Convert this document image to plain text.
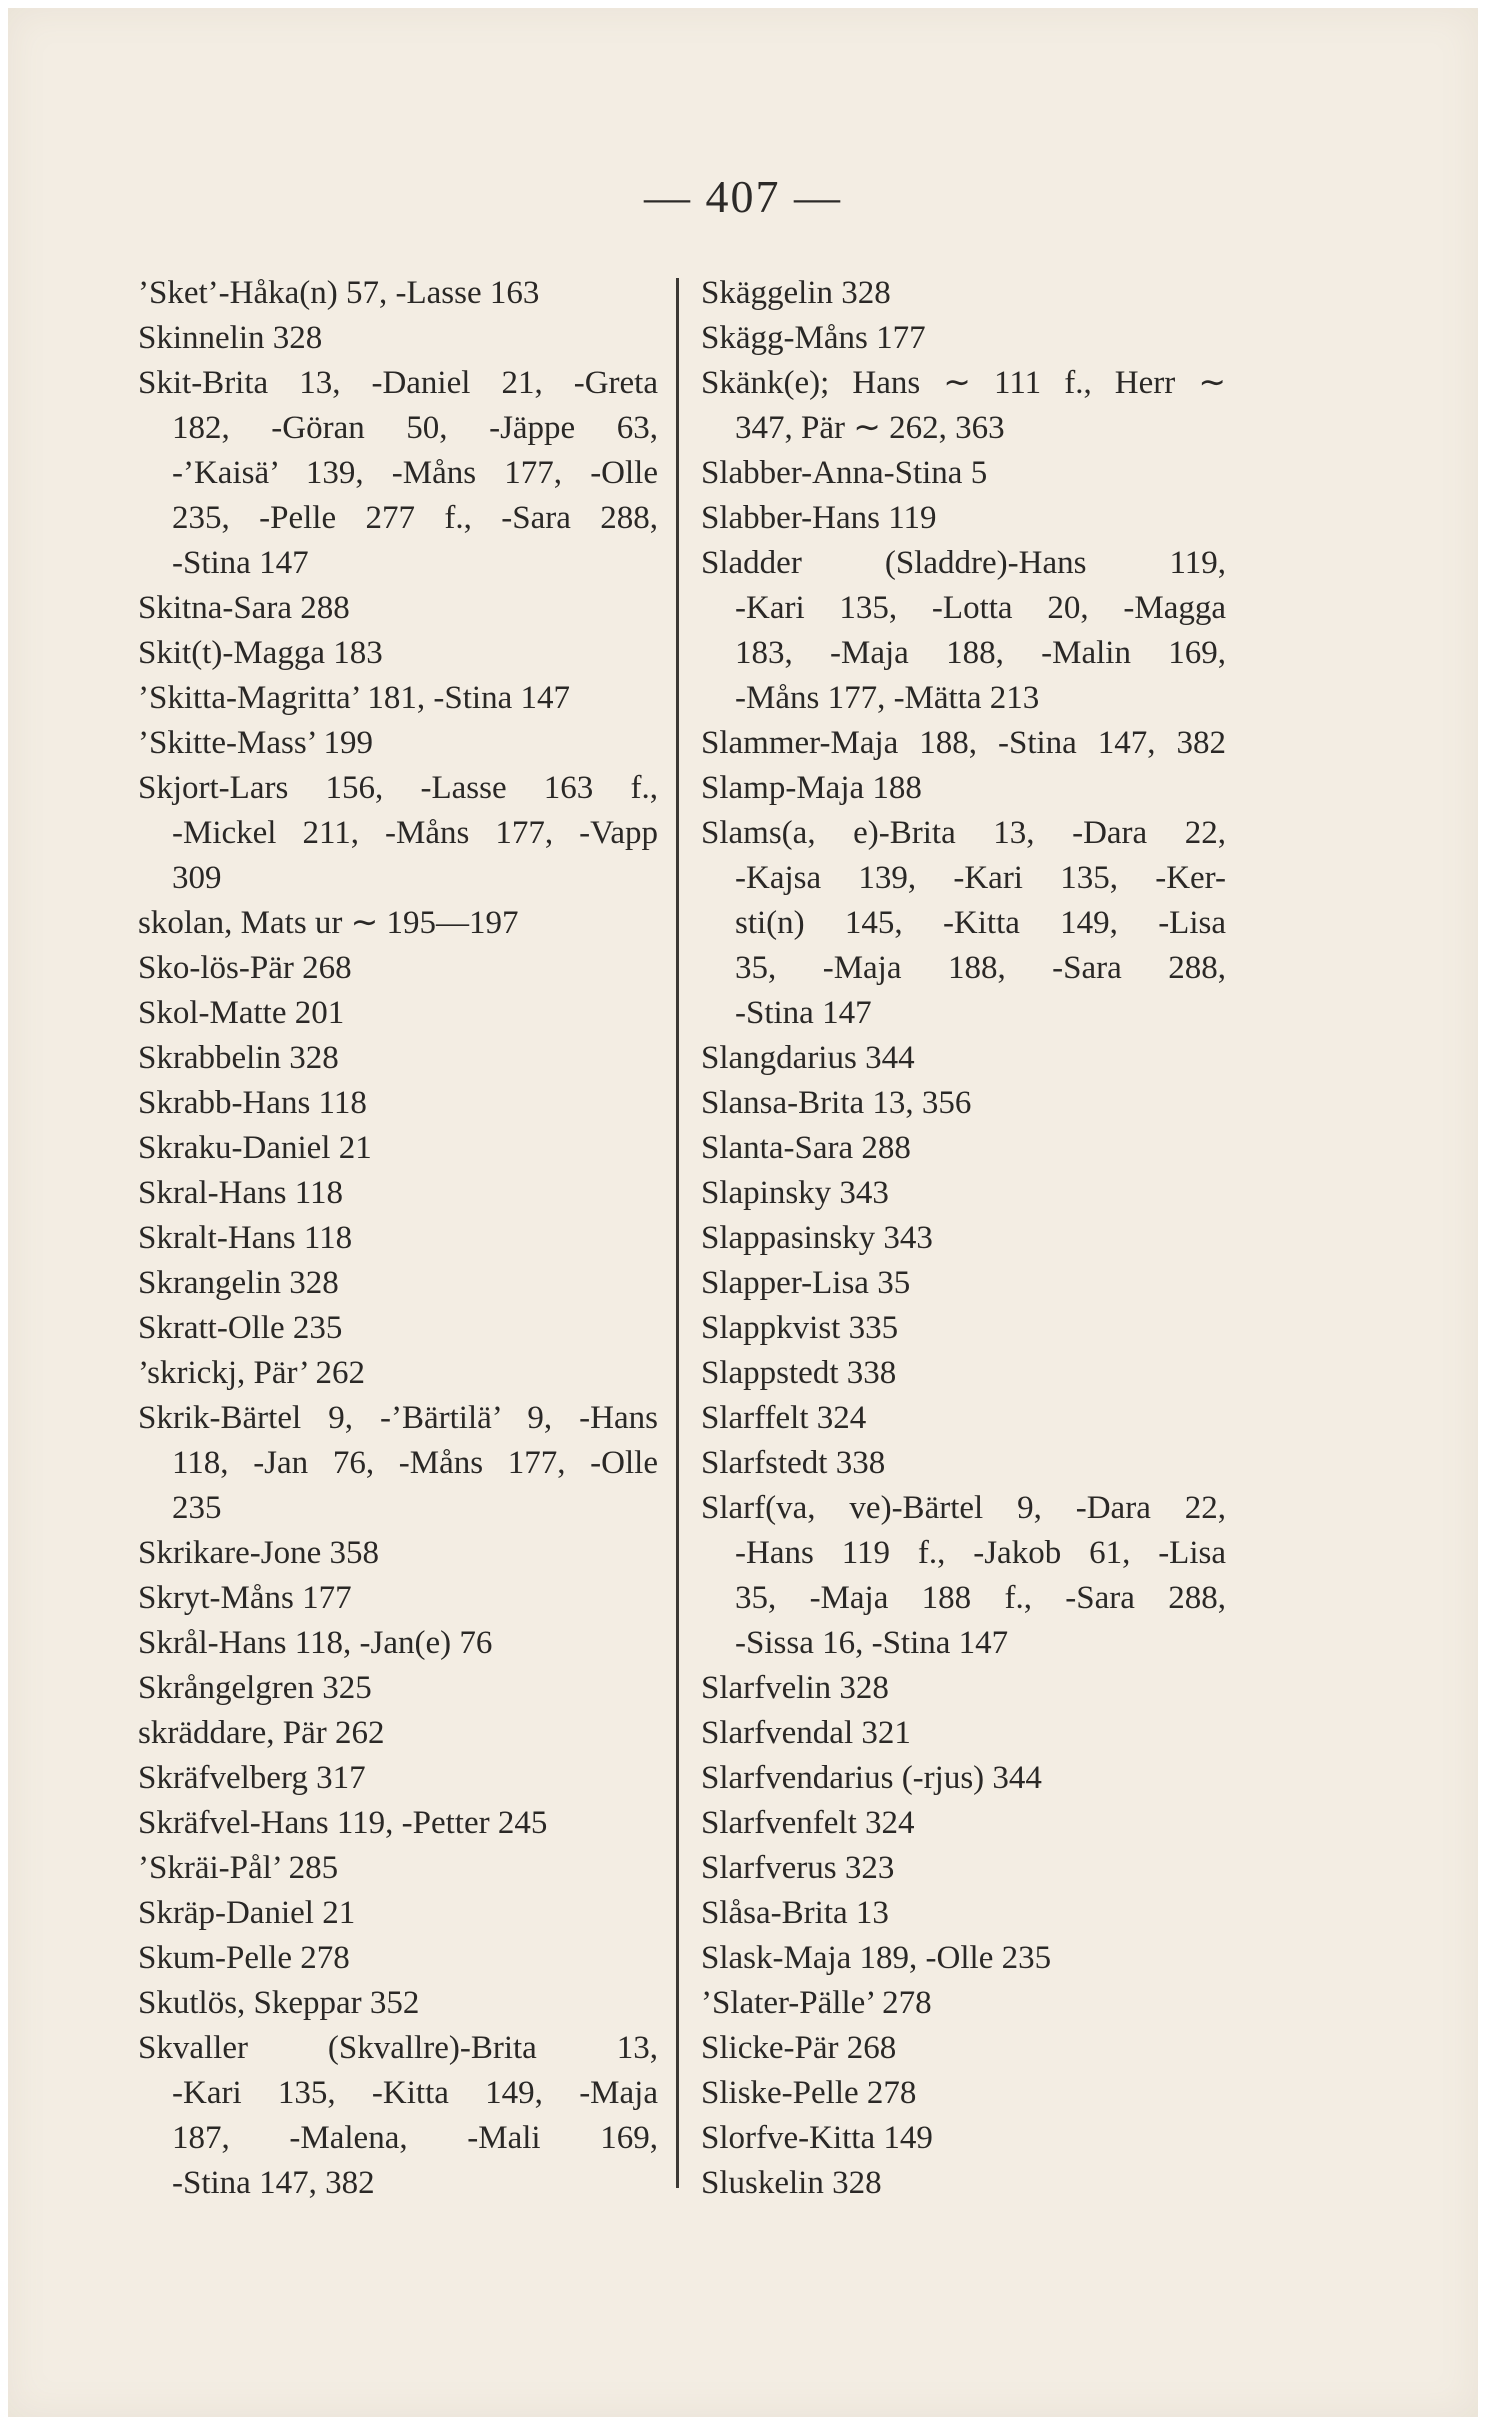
— 407 —
’Sket’-Håka(n) 57, -Lasse 163
Skinnelin 328
Skit-Brita 13, -Daniel 21, -Greta
182, -Göran 50, -Jäppe 63,
-’Kaisä’ 139, -Måns 177, -Olle
235, -Pelle 277 f., -Sara 288,
-Stina 147
Skitna-Sara 288
Skit(t)-Magga 183
’Skitta-Magritta’ 181, -Stina 147
’Skitte-Mass’ 199
Skjort-Lars 156, -Lasse 163 f.,
-Mickel 211, -Måns 177, -Vapp
309
skolan, Mats ur ∼ 195—197
Sko-lös-Pär 268
Skol-Matte 201
Skrabbelin 328
Skrabb-Hans 118
Skraku-Daniel 21
Skral-Hans 118
Skralt-Hans 118
Skrangelin 328
Skratt-Olle 235
’skrickj, Pär’ 262
Skrik-Bärtel 9, -’Bärtilä’ 9, -Hans
118, -Jan 76, -Måns 177, -Olle
235
Skrikare-Jone 358
Skryt-Måns 177
Skrål-Hans 118, -Jan(e) 76
Skrångelgren 325
skräddare, Pär 262
Skräfvelberg 317
Skräfvel-Hans 119, -Petter 245
’Skräi-Pål’ 285
Skräp-Daniel 21
Skum-Pelle 278
Skutlös, Skeppar 352
Skvaller (Skvallre)-Brita 13,
-Kari 135, -Kitta 149, -Maja
187, -Malena, -Mali 169,
-Stina 147, 382
Skäggelin 328
Skägg-Måns 177
Skänk(e); Hans ∼ 111 f., Herr ∼
347, Pär ∼ 262, 363
Slabber-Anna-Stina 5
Slabber-Hans 119
Sladder (Sladdre)-Hans 119,
-Kari 135, -Lotta 20, -Magga
183, -Maja 188, -Malin 169,
-Måns 177, -Mätta 213
Slammer-Maja 188, -Stina 147, 382
Slamp-Maja 188
Slams(a, e)-Brita 13, -Dara 22,
-Kajsa 139, -Kari 135, -Ker-
sti(n) 145, -Kitta 149, -Lisa
35, -Maja 188, -Sara 288,
-Stina 147
Slangdarius 344
Slansa-Brita 13, 356
Slanta-Sara 288
Slapinsky 343
Slappasinsky 343
Slapper-Lisa 35
Slappkvist 335
Slappstedt 338
Slarffelt 324
Slarfstedt 338
Slarf(va, ve)-Bärtel 9, -Dara 22,
-Hans 119 f., -Jakob 61, -Lisa
35, -Maja 188 f., -Sara 288,
-Sissa 16, -Stina 147
Slarfvelin 328
Slarfvendal 321
Slarfvendarius (-rjus) 344
Slarfvenfelt 324
Slarfverus 323
Slåsa-Brita 13
Slask-Maja 189, -Olle 235
’Slater-Pälle’ 278
Slicke-Pär 268
Sliske-Pelle 278
Slorfve-Kitta 149
Sluskelin 328
